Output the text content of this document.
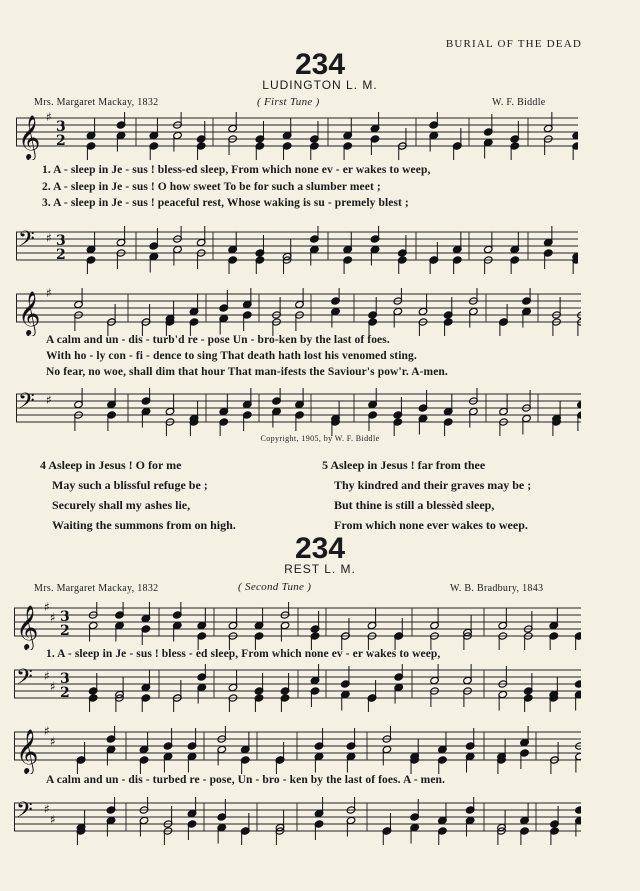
BURIAL OF THE DEAD
234
LUDINGTON L. M.
Mrs. Margaret Mackay, 1832	( First Tune )	W. F. Biddle
𝄞 ♯
3
2
𝄢 ♯ 3
2
1. A - sleep in Je - sus ! bless-ed sleep, From which none ev - er wakes to weep,
2. A - sleep in Je - sus ! O how sweet To be for such a slumber meet ;
3. A - sleep in Je - sus ! peaceful rest, Whose waking is su - premely blest ;
𝄞 ♯
𝄢 ♯
A calm and un - dis - turb'd re - pose Un - bro-ken by the last of foes.
With ho - ly con - fi - dence to sing That death hath lost his venomed sting.
No fear, no woe, shall dim that hour That man-ifests the Saviour's pow'r. A-men.
Copyright, 1905, by W. F. Biddle
4 Asleep in Jesus ! O for me
May such a blissful refuge be ;
Securely shall my ashes lie,
Waiting the summons from on high.
5 Asleep in Jesus ! far from thee
Thy kindred and their graves may be ;
But thine is still a blessèd sleep,
From which none ever wakes to weep.
234
REST L. M.
Mrs. Margaret Mackay, 1832	( Second Tune )	W. B. Bradbury, 1843
𝄞 ♯
♯ 3
2
𝄢 ♯
♯ 3
2
1. A - sleep in Je - sus ! bless - ed sleep, From which none ev - er wakes to weep,
𝄞 ♯
♯
𝄢 ♯
♯
A calm and un - dis - turbed re - pose, Un - bro - ken by the last of foes. A - men.
